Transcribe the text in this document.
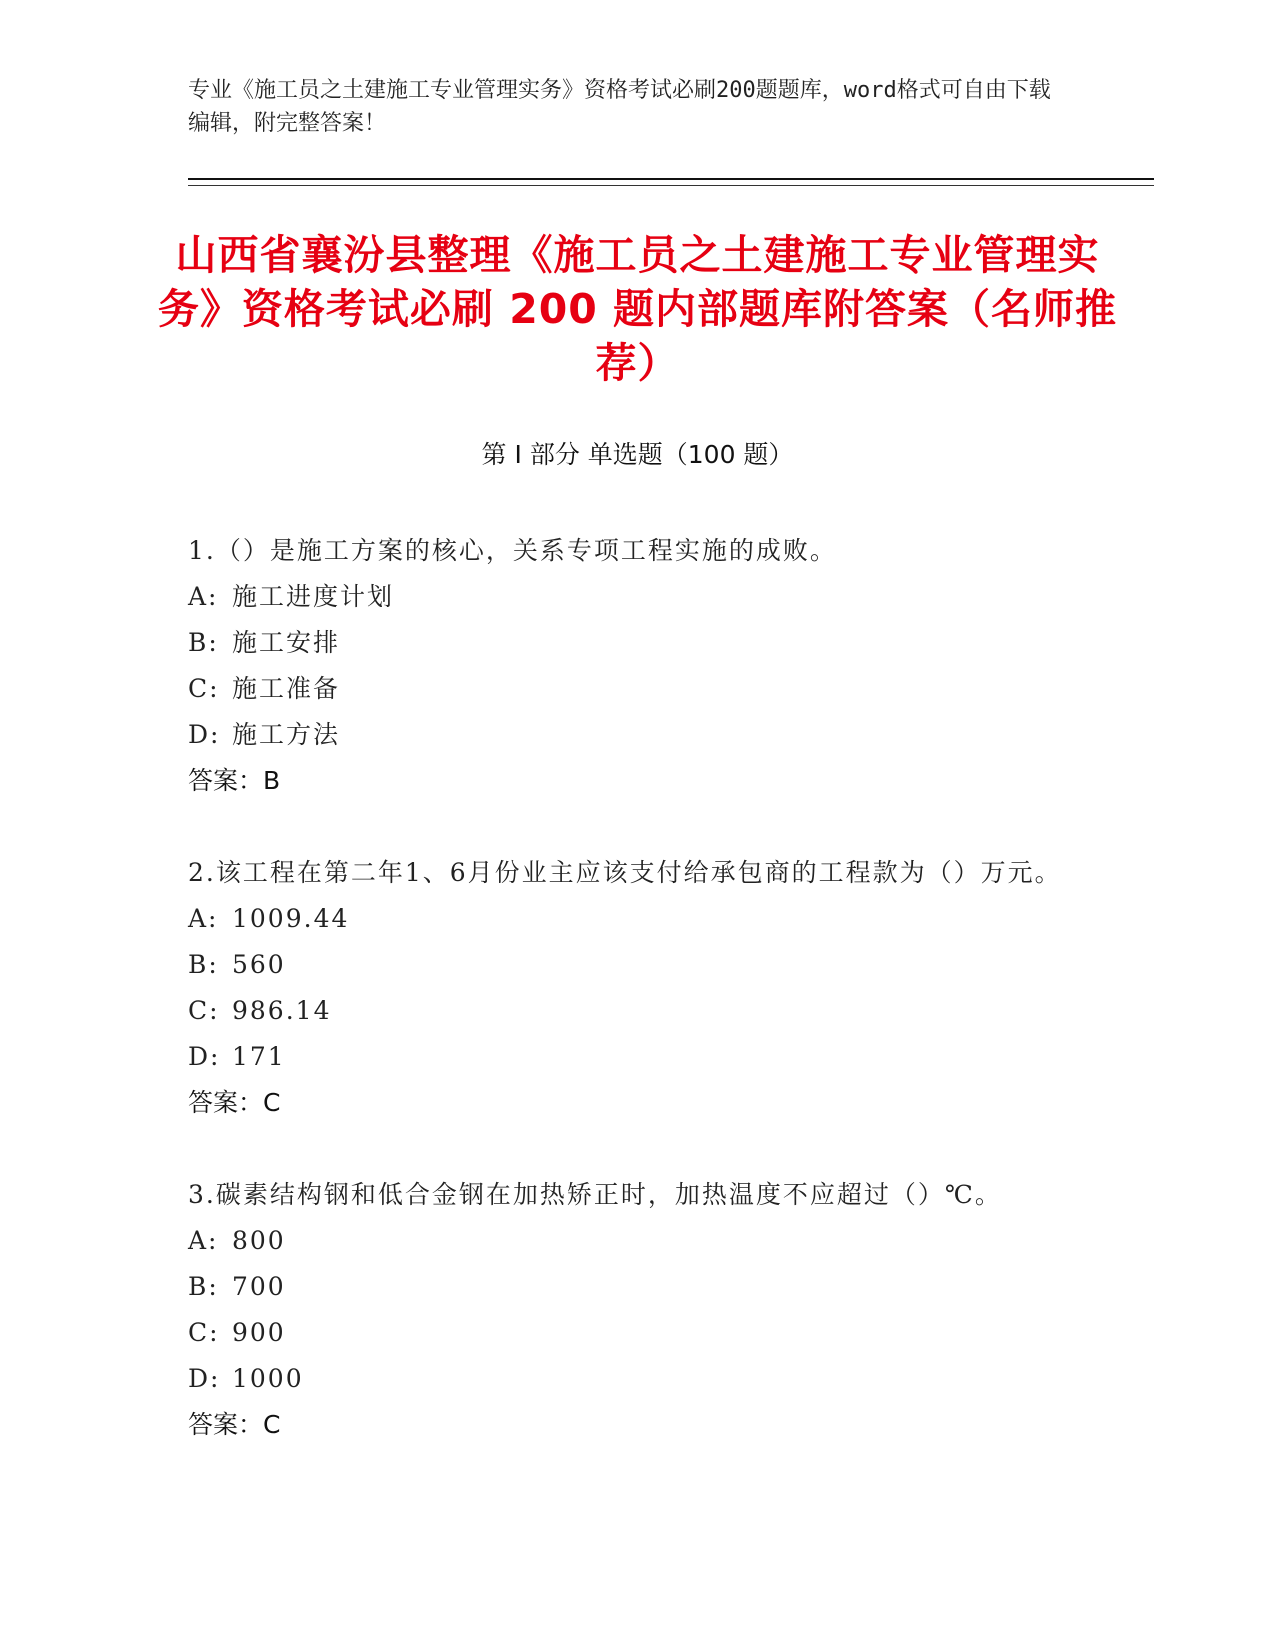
专业《施工员之土建施工专业管理实务》资格考试必刷200题题库，word格式可自由下载编辑，附完整答案！
山西省襄汾县整理《施工员之土建施工专业管理实务》资格考试必刷 200 题内部题库附答案（名师推荐）
第 I 部分 单选题（100 题）
1.（）是施工方案的核心，关系专项工程实施的成败。
A: 施工进度计划
B: 施工安排
C: 施工准备
D: 施工方法
答案：B
2.该工程在第二年1、6月份业主应该支付给承包商的工程款为（）万元。
A: 1009.44
B: 560
C: 986.14
D: 171
答案：C
3.碳素结构钢和低合金钢在加热矫正时，加热温度不应超过（）℃。
A: 800
B: 700
C: 900
D: 1000
答案：C
